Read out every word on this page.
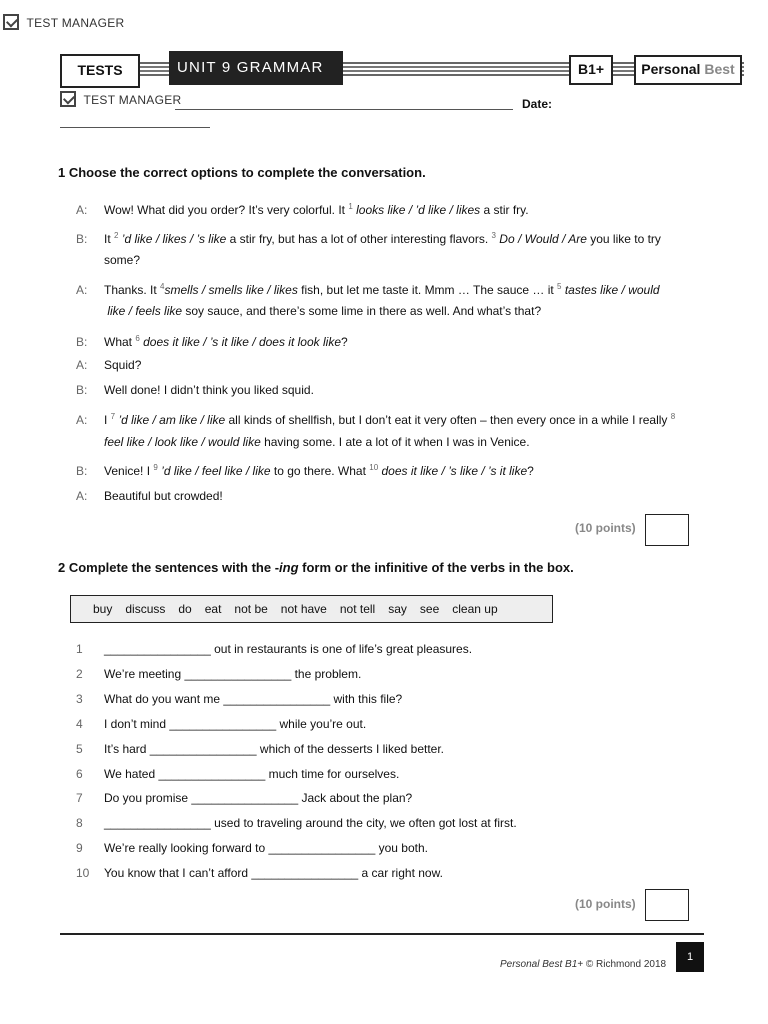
TEST MANAGER
TESTS	UNIT 9 GRAMMAR	B1+	Personal Best
TEST MANAGER	Date:
1 Choose the correct options to complete the conversation.
A: Wow! What did you order? It’s very colorful. It $^1$ looks like / ’d like / likes a stir fry.
B: It $^2$ ’d like / likes / ’s like a stir fry, but has a lot of other interesting flavors. $^3$ Do / Would / Are you like to try
some?
A: Thanks. It $^4$smells / smells like / likes fish, but let me taste it. Mmm … The sauce … it $^5$ tastes like / would
like / feels like soy sauce, and there’s some lime in there as well. And what’s that?
B: What $^6$ does it like / ’s it like / does it look like?
A: Squid?
B: Well done! I didn’t think you liked squid.
A: I $^7$ ’d like / am like / like all kinds of shellfish, but I don’t eat it very often – then every once in a while I really $^8$
feel like / look like / would like having some. I ate a lot of it when I was in Venice.
B: Venice! I $^9$ ’d like / feel like / like to go there. What $^{10}$ does it like / ’s like / ’s it like?
A: Beautiful but crowded!
(10 points)
2 Complete the sentences with the -ing form or the infinitive of the verbs in the box.
buy discuss do eat not be not have not tell say see clean up
1 ________________ out in restaurants is one of life’s great pleasures.
2 We’re meeting ________________ the problem.
3 What do you want me ________________ with this file?
4 I don’t mind ________________ while you’re out.
5 It’s hard ________________ which of the desserts I liked better.
6 We hated ________________ much time for ourselves.
7 Do you promise ________________ Jack about the plan?
8 ________________ used to traveling around the city, we often got lost at first.
9 We’re really looking forward to ________________ you both.
10 You know that I can’t afford ________________ a car right now.
(10 points)
Personal Best B1+ © Richmond 2018
1
